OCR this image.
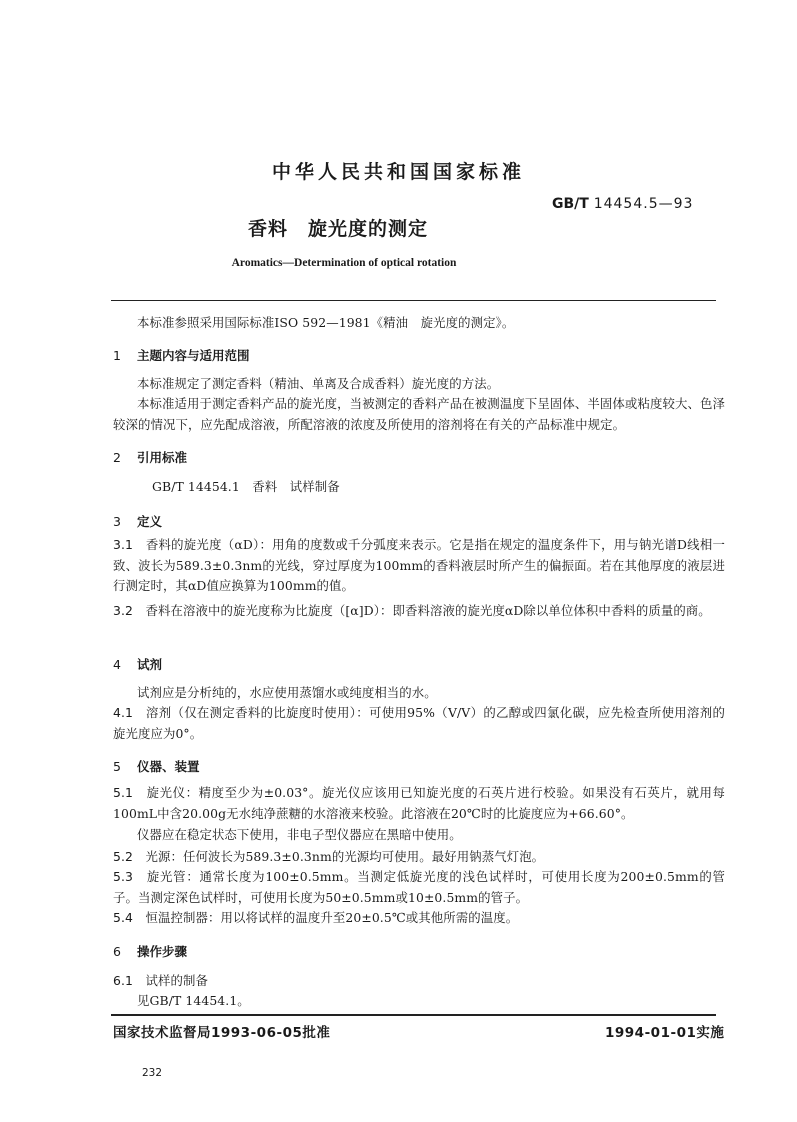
中华人民共和国国家标准
GB/T 14454.5—93
香料　旋光度的测定
Aromatics—Determination of optical rotation
本标准参照采用国际标准ISO 592—1981《精油　旋光度的测定》。
1 主题内容与适用范围
本标准规定了测定香料（精油、单离及合成香料）旋光度的方法。
本标准适用于测定香料产品的旋光度，当被测定的香料产品在被测温度下呈固体、半固体或粘度较大、色泽较深的情况下，应先配成溶液，所配溶液的浓度及所使用的溶剂将在有关的产品标准中规定。
2 引用标准
GB/T 14454.1　香料　试样制备
3 定义
3.1　 香料的旋光度（αD）：用角的度数或千分弧度来表示。它是指在规定的温度条件下，用与钠光谱D线相一致、波长为589.3±0.3nm的光线，穿过厚度为100mm的香料液层时所产生的偏振面。若在其他厚度的液层进行测定时，其αD值应换算为100mm的值。
3.2　 香料在溶液中的旋光度称为比旋度（[α]D）：即香料溶液的旋光度αD除以单位体积中香料的质量的商。
4 试剂
试剂应是分析纯的，水应使用蒸馏水或纯度相当的水。
4.1　 溶剂（仅在测定香料的比旋度时使用）：可使用95%（V/V）的乙醇或四氯化碳，应先检查所使用溶剂的旋光度应为0°。
5 仪器、装置
5.1　 旋光仪：精度至少为±0.03°。旋光仪应该用已知旋光度的石英片进行校验。如果没有石英片，就用每100mL中含20.00g无水纯净蔗糖的水溶液来校验。此溶液在20℃时的比旋度应为+66.60°。
仪器应在稳定状态下使用，非电子型仪器应在黑暗中使用。
5.2　 光源：任何波长为589.3±0.3nm的光源均可使用。最好用钠蒸气灯泡。
5.3　 旋光管：通常长度为100±0.5mm。当测定低旋光度的浅色试样时，可使用长度为200±0.5mm的管子。当测定深色试样时，可使用长度为50±0.5mm或10±0.5mm的管子。
5.4　 恒温控制器：用以将试样的温度升至20±0.5℃或其他所需的温度。
6 操作步骤
6.1　 试样的制备
见GB/T 14454.1。
国家技术监督局1993-06-05批准	1994-01-01实施
232
